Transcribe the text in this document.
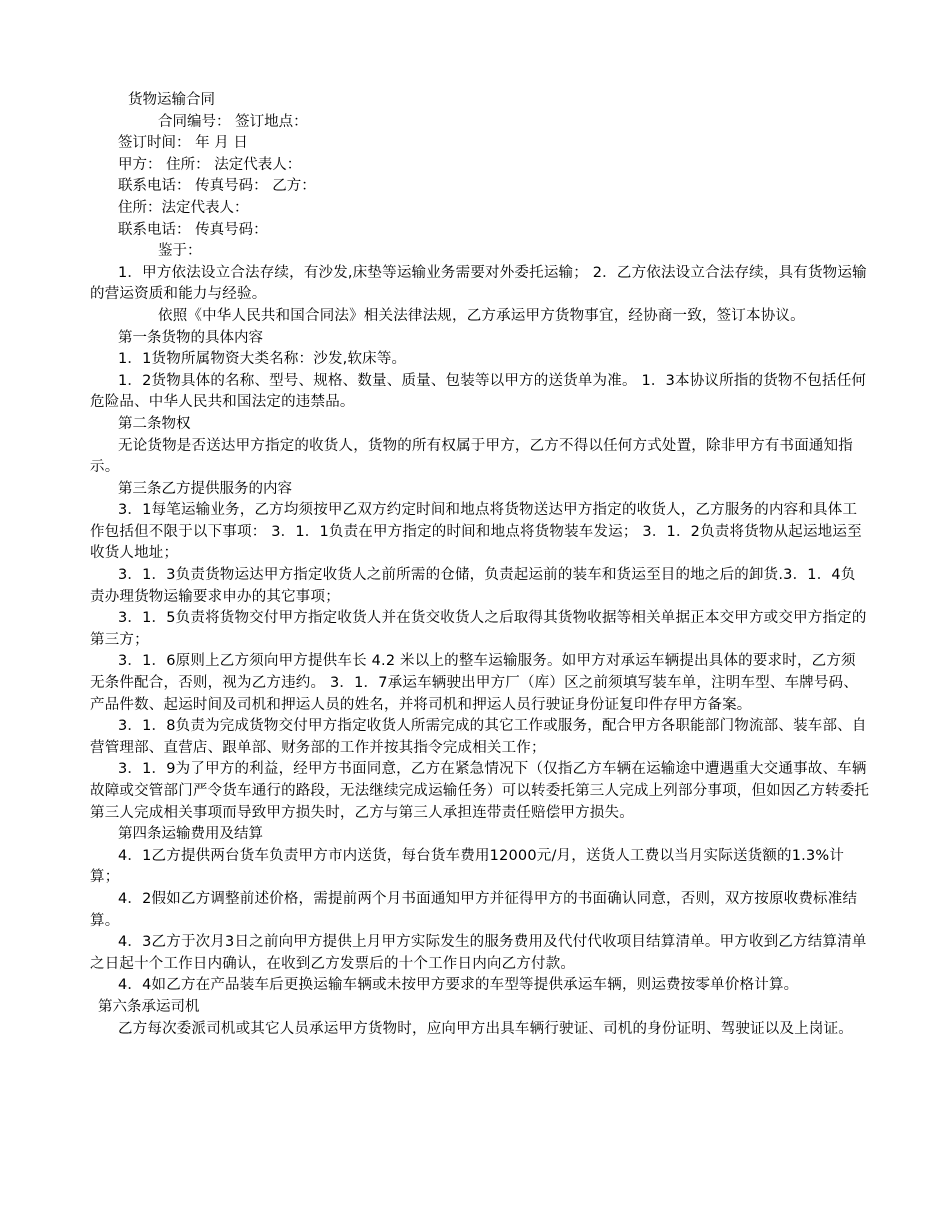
货物运输合同
合同编号： 签订地点：
签订时间： 年 月 日
甲方： 住所： 法定代表人：
联系电话： 传真号码： 乙方：
住所：法定代表人：
联系电话： 传真号码：
鉴于：
1．甲方依法设立合法存续，有沙发,床垫等运输业务需要对外委托运输； 2．乙方依法设立合法存续，具有货物运输的营运资质和能力与经验。
依照《中华人民共和国合同法》相关法律法规，乙方承运甲方货物事宜，经协商一致，签订本协议。
第一条货物的具体内容
1．1货物所属物资大类名称：沙发,软床等。
1．2货物具体的名称、型号、规格、数量、质量、包装等以甲方的送货单为准。 1．3本协议所指的货物不包括任何危险品、中华人民共和国法定的违禁品。
第二条物权
无论货物是否送达甲方指定的收货人，货物的所有权属于甲方，乙方不得以任何方式处置，除非甲方有书面通知指示。
第三条乙方提供服务的内容
3．1每笔运输业务，乙方均须按甲乙双方约定时间和地点将货物送达甲方指定的收货人，乙方服务的内容和具体工作包括但不限于以下事项： 3．1．1负责在甲方指定的时间和地点将货物装车发运； 3．1．2负责将货物从起运地运至收货人地址；
3．1．3负责货物运达甲方指定收货人之前所需的仓储，负责起运前的装车和货运至目的地之后的卸货.3．1．4负责办理货物运输要求申办的其它事项；
3．1．5负责将货物交付甲方指定收货人并在货交收货人之后取得其货物收据等相关单据正本交甲方或交甲方指定的第三方；
3．1．6原则上乙方须向甲方提供车长 4.2 米以上的整车运输服务。如甲方对承运车辆提出具体的要求时，乙方须无条件配合，否则，视为乙方违约。 3．1．7承运车辆驶出甲方厂（库）区之前须填写装车单，注明车型、车牌号码、产品件数、起运时间及司机和押运人员的姓名，并将司机和押运人员行驶证身份证复印件存甲方备案。
3．1．8负责为完成货物交付甲方指定收货人所需完成的其它工作或服务，配合甲方各职能部门物流部、装车部、自营管理部、直营店、跟单部、财务部的工作并按其指令完成相关工作；
3．1．9为了甲方的利益，经甲方书面同意，乙方在紧急情况下（仅指乙方车辆在运输途中遭遇重大交通事故、车辆故障或交管部门严令货车通行的路段，无法继续完成运输任务）可以转委托第三人完成上列部分事项，但如因乙方转委托第三人完成相关事项而导致甲方损失时，乙方与第三人承担连带责任赔偿甲方损失。
第四条运输费用及结算
4．1乙方提供两台货车负责甲方市内送货，每台货车费用12000元/月，送货人工费以当月实际送货额的1.3%计算；
4．2假如乙方调整前述价格，需提前两个月书面通知甲方并征得甲方的书面确认同意，否则，双方按原收费标准结算。
4．3乙方于次月3日之前向甲方提供上月甲方实际发生的服务费用及代付代收项目结算清单。甲方收到乙方结算清单之日起十个工作日内确认，在收到乙方发票后的十个工作日内向乙方付款。
4．4如乙方在产品装车后更换运输车辆或未按甲方要求的车型等提供承运车辆，则运费按零单价格计算。
第六条承运司机
乙方每次委派司机或其它人员承运甲方货物时，应向甲方出具车辆行驶证、司机的身份证明、驾驶证以及上岗证。
